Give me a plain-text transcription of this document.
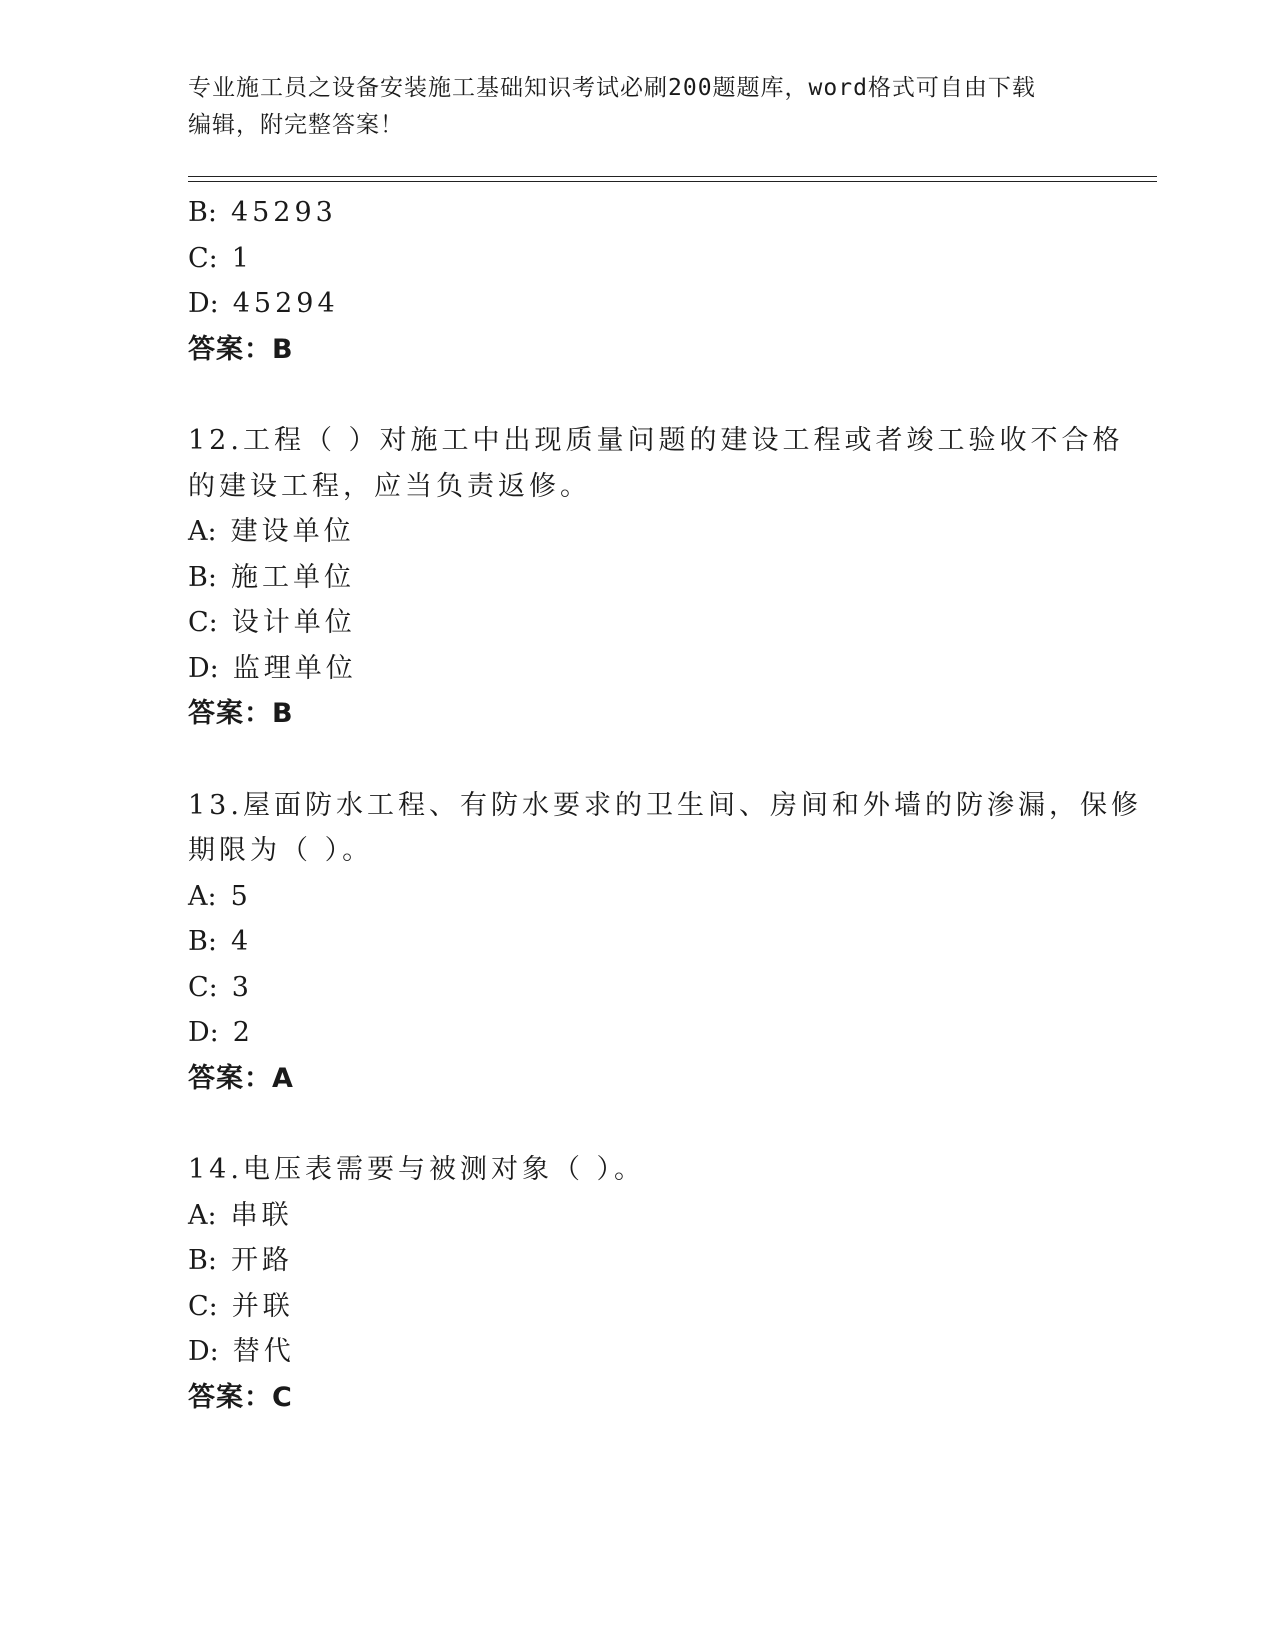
专业施工员之设备安装施工基础知识考试必刷200题题库，word格式可自由下载
编辑，附完整答案！
B: 45293
C: 1
D: 45294
答案：B
12.工程（ ）对施工中出现质量问题的建设工程或者竣工验收不合格
的建设工程，应当负责返修。
A: 建设单位
B: 施工单位
C: 设计单位
D: 监理单位
答案：B
13.屋面防水工程、有防水要求的卫生间、房间和外墙的防渗漏，保修
期限为（ ）。
A: 5
B: 4
C: 3
D: 2
答案：A
14.电压表需要与被测对象（ ）。
A: 串联
B: 开路
C: 并联
D: 替代
答案：C
